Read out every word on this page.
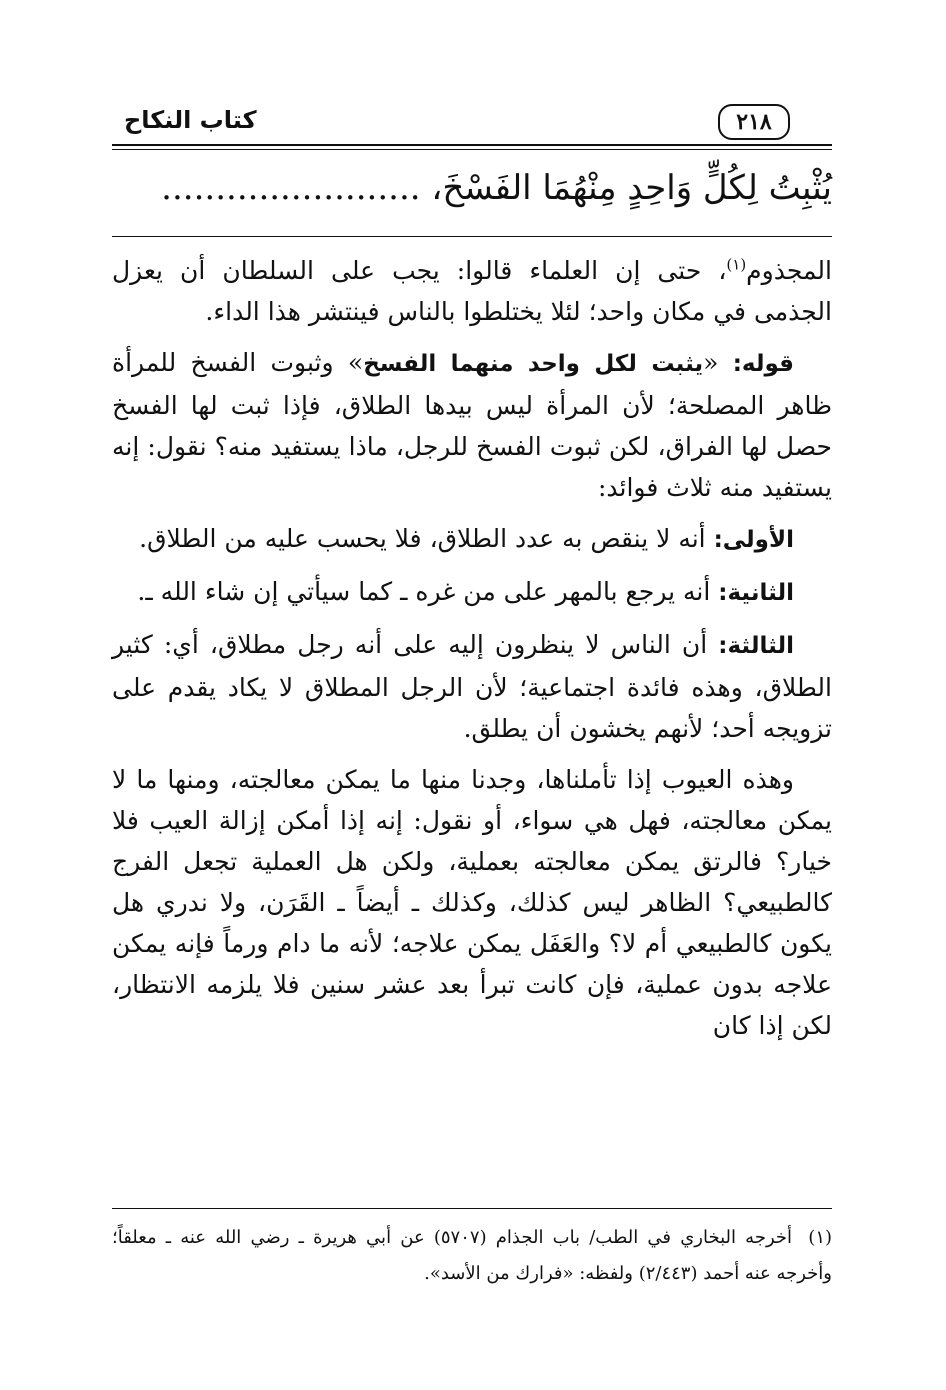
كتاب النكاح	٢١٨
يُثْبِتُ لِكُلٍّ وَاحِدٍ مِنْهُمَا الفَسْخَ، ........................

المجذوم$^{(١)}$، حتى إن العلماء قالوا: يجب على السلطان أن يعزل الجذمى في مكان واحد؛ لئلا يختلطوا بالناس فينتشر هذا الداء.

قوله: «يثبت لكل واحد منهما الفسخ» وثبوت الفسخ للمرأة ظاهر المصلحة؛ لأن المرأة ليس بيدها الطلاق، فإذا ثبت لها الفسخ حصل لها الفراق، لكن ثبوت الفسخ للرجل، ماذا يستفيد منه؟ نقول: إنه يستفيد منه ثلاث فوائد:

الأولى: أنه لا ينقص به عدد الطلاق، فلا يحسب عليه من الطلاق.

الثانية: أنه يرجع بالمهر على من غره ـ كما سيأتي إن شاء الله ـ.

الثالثة: أن الناس لا ينظرون إليه على أنه رجل مطلاق، أي: كثير الطلاق، وهذه فائدة اجتماعية؛ لأن الرجل المطلاق لا يكاد يقدم على تزويجه أحد؛ لأنهم يخشون أن يطلق.

وهذه العيوب إذا تأملناها، وجدنا منها ما يمكن معالجته، ومنها ما لا يمكن معالجته، فهل هي سواء، أو نقول: إنه إذا أمكن إزالة العيب فلا خيار؟ فالرتق يمكن معالجته بعملية، ولكن هل العملية تجعل الفرج كالطبيعي؟ الظاهر ليس كذلك، وكذلك ـ أيضاً ـ القَرَن، ولا ندري هل يكون كالطبيعي أم لا؟ والعَفَل يمكن علاجه؛ لأنه ما دام ورماً فإنه يمكن علاجه بدون عملية، فإن كانت تبرأ بعد عشر سنين فلا يلزمه الانتظار، لكن إذا كان

(١)أخرجه البخاري في الطب/ باب الجذام (٥٧٠٧) عن أبي هريرة ـ رضي الله عنه ـ معلقاً؛ وأخرجه عنه أحمد (٢/٤٤٣) ولفظه: «فرارك من الأسد».
